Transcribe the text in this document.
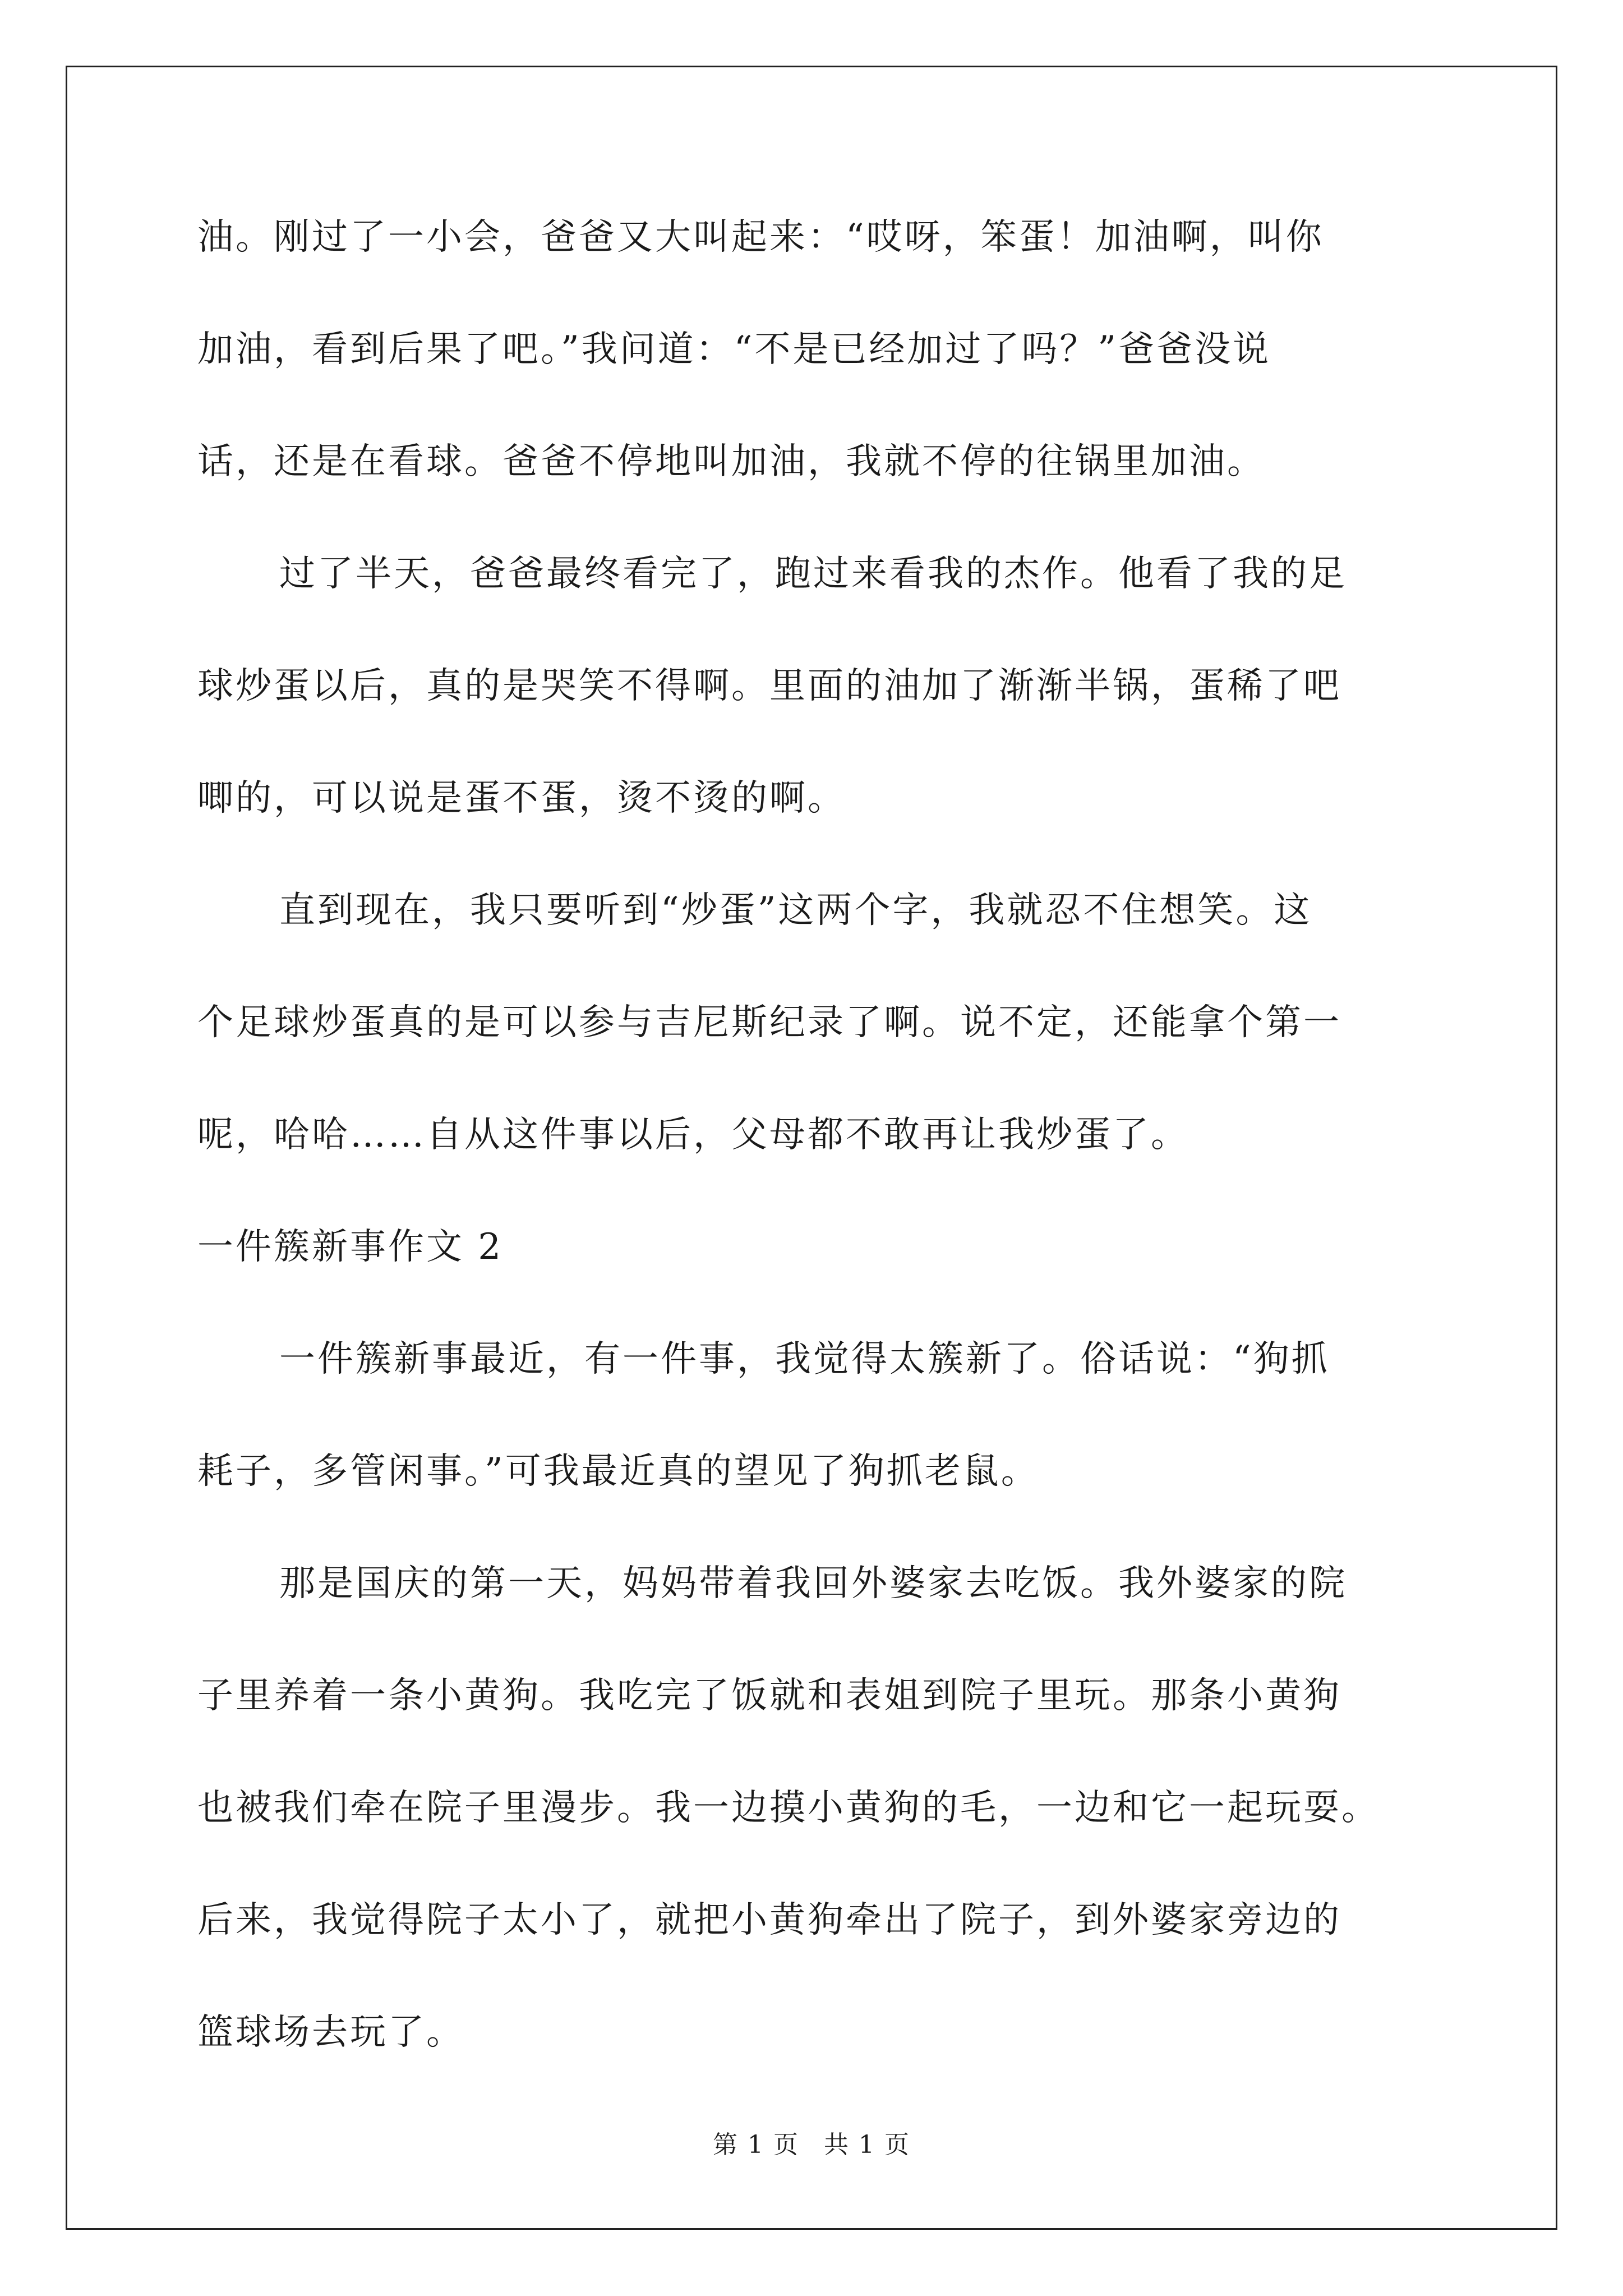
油。刚过了一小会，爸爸又大叫起来：“哎呀，笨蛋！加油啊，叫你
加油，看到后果了吧。”我问道：“不是已经加过了吗？”爸爸没说
话，还是在看球。爸爸不停地叫加油，我就不停的往锅里加油。
过了半天，爸爸最终看完了，跑过来看我的杰作。他看了我的足
球炒蛋以后，真的是哭笑不得啊。里面的油加了渐渐半锅，蛋稀了吧
唧的，可以说是蛋不蛋，烫不烫的啊。
直到现在，我只要听到“炒蛋”这两个字，我就忍不住想笑。这
个足球炒蛋真的是可以参与吉尼斯纪录了啊。说不定，还能拿个第一
呢，哈哈……自从这件事以后，父母都不敢再让我炒蛋了。
一件簇新事作文 2
一件簇新事最近，有一件事，我觉得太簇新了。俗话说：“狗抓
耗子，多管闲事。”可我最近真的望见了狗抓老鼠。
那是国庆的第一天，妈妈带着我回外婆家去吃饭。我外婆家的院
子里养着一条小黄狗。我吃完了饭就和表姐到院子里玩。那条小黄狗
也被我们牵在院子里漫步。我一边摸小黄狗的毛，一边和它一起玩耍。
后来，我觉得院子太小了，就把小黄狗牵出了院子，到外婆家旁边的
篮球场去玩了。
第 1 页 共 1 页
